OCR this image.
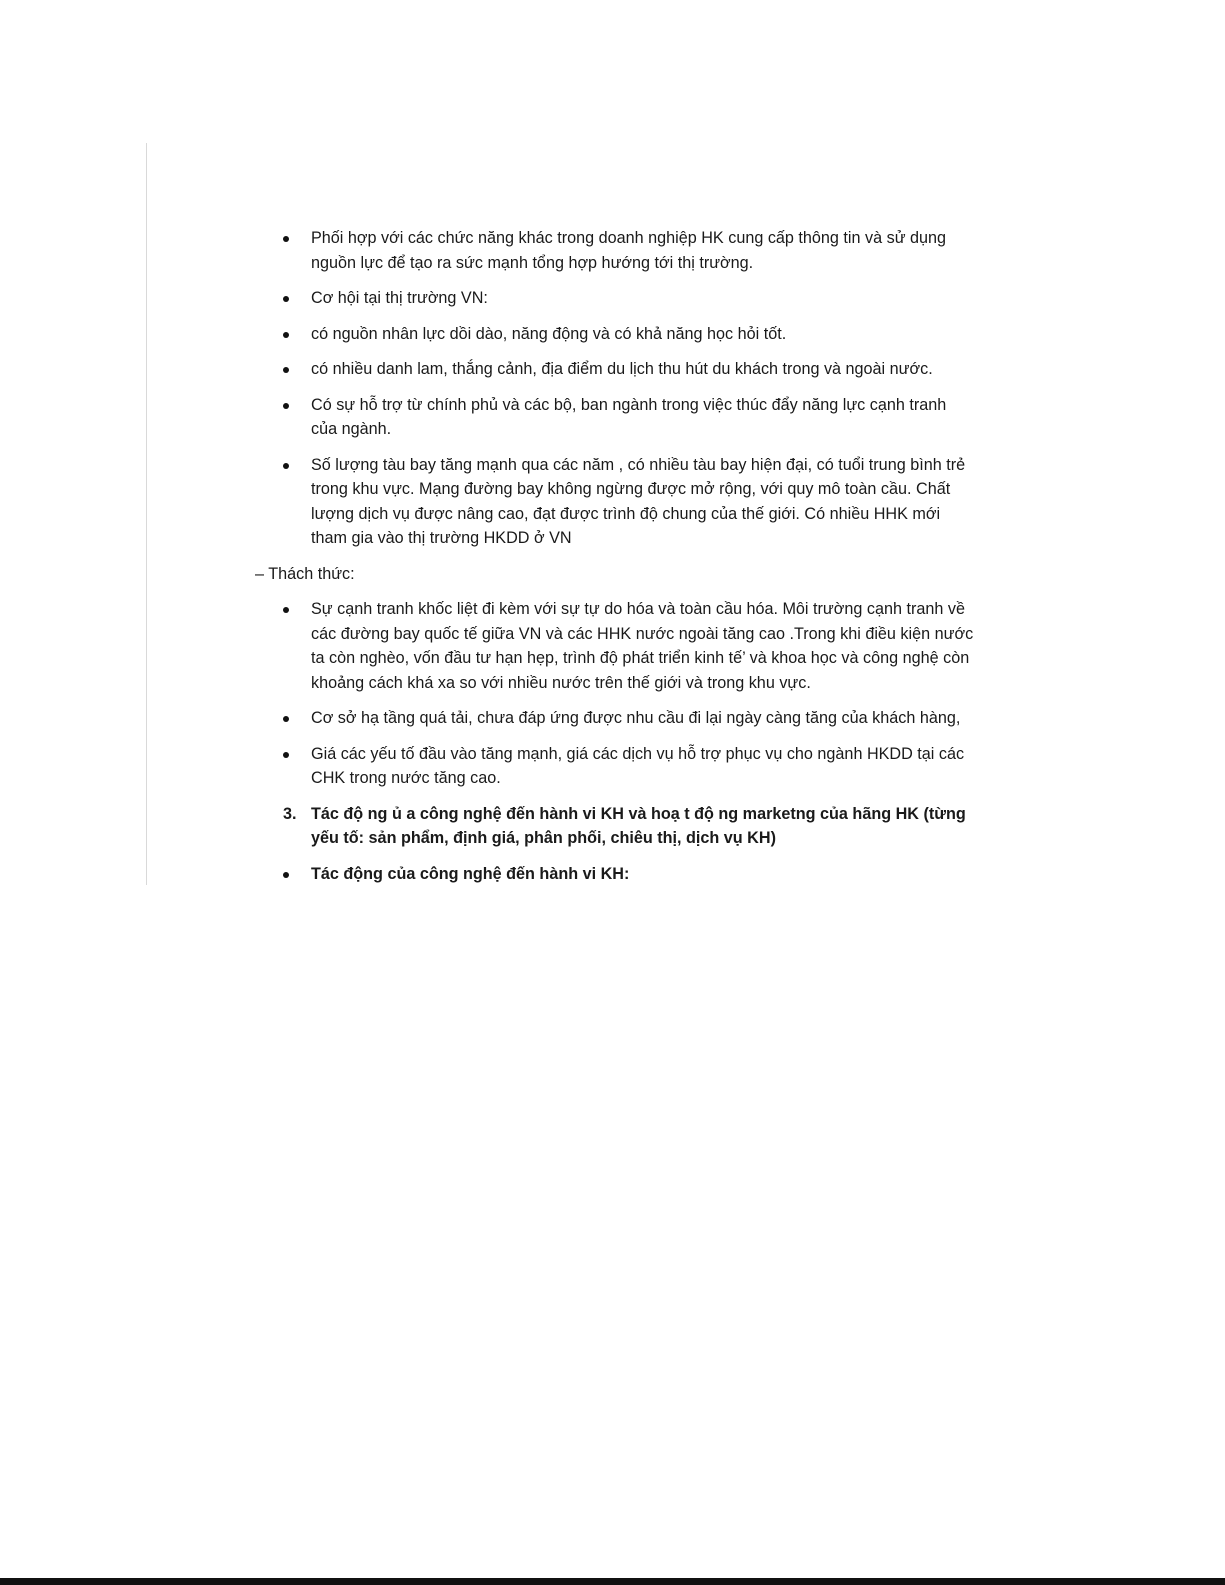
Phối hợp với các chức năng khác trong doanh nghiệp HK cung cấp thông tin và sử dụng nguồn lực để tạo ra sức mạnh tổng hợp hướng tới thị trường.
Cơ hội tại thị trường VN:
có nguồn nhân lực dồi dào, năng động và có khả năng học hỏi tốt.
có nhiều danh lam, thắng cảnh, địa điểm du lịch thu hút du khách trong và ngoài nước.
Có sự hỗ trợ từ chính phủ và các bộ, ban ngành trong việc thúc đẩy năng lực cạnh tranh của ngành.
Số lượng tàu bay tăng mạnh qua các năm , có nhiều tàu bay hiện đại, có tuổi trung bình trẻ trong khu vực. Mạng đường bay không ngừng được mở rộng, với quy mô toàn cầu. Chất lượng dịch vụ được nâng cao, đạt được trình độ chung của thế giới. Có nhiều HHK mới tham gia vào thị trường HKDD ở VN
– Thách thức:
Sự cạnh tranh khốc liệt đi kèm với sự tự do hóa và toàn cầu hóa. Môi trường cạnh tranh về các đường bay quốc tế giữa VN và các HHK nước ngoài tăng cao .Trong khi điều kiện nước ta còn nghèo, vốn đầu tư hạn hẹp, trình độ phát triển kinh tế’ và khoa học và công nghệ còn khoảng cách khá xa so với nhiều nước trên thế giới và trong khu vực.
Cơ sở hạ tầng quá tải, chưa đáp ứng được nhu cầu đi lại ngày càng tăng của khách hàng,
Giá các yếu tố đầu vào tăng mạnh, giá các dịch vụ hỗ trợ phục vụ cho ngành HKDD tại các CHK trong nước tăng cao.
3. Tác độ ng ủ a công nghệ đến hành vi KH và hoạ t độ ng marketng của hãng HK (từng yếu tố: sản phẩm, định giá, phân phối, chiêu thị, dịch vụ KH)
Tác động của công nghệ đến hành vi KH:
